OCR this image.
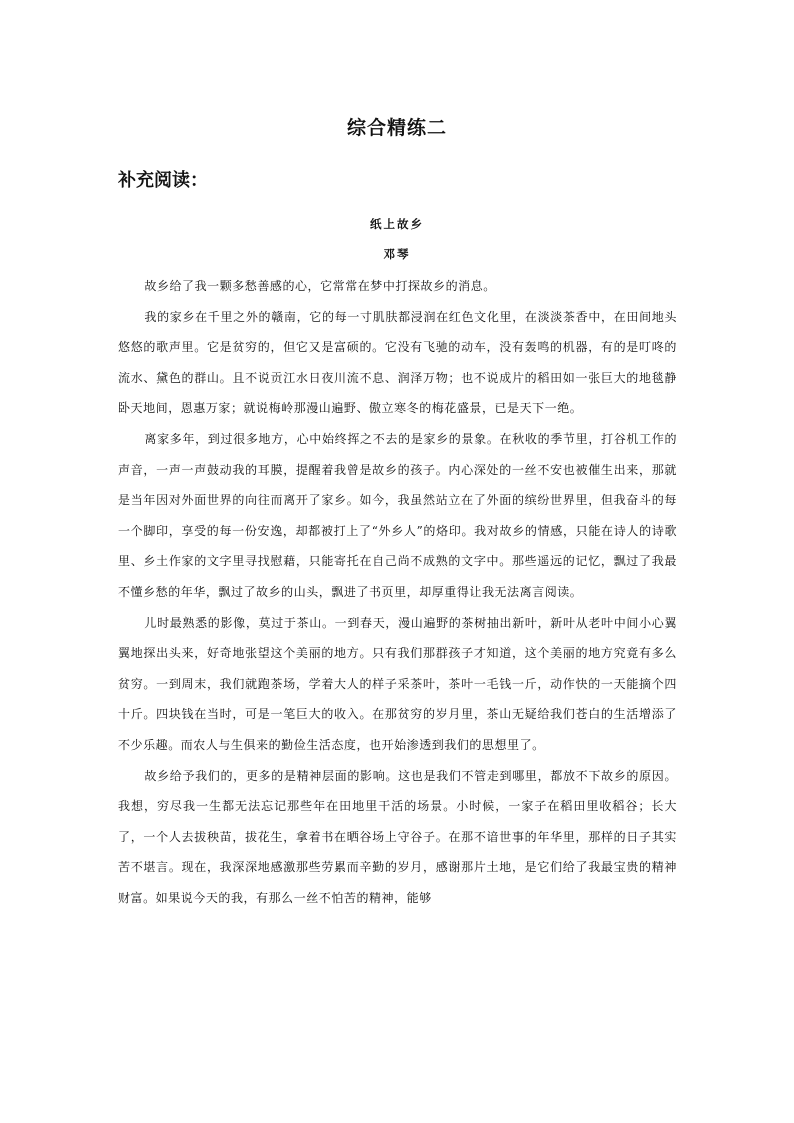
综合精练二
补充阅读：
纸上故乡
邓琴

故乡给了我一颗多愁善感的心，它常常在梦中打探故乡的消息。

我的家乡在千里之外的赣南，它的每一寸肌肤都浸润在红色文化里，在淡淡茶香中，在田间地头悠悠的歌声里。它是贫穷的，但它又是富硕的。它没有飞驰的动车，没有轰鸣的机器，有的是叮咚的流水、黛色的群山。且不说贡江水日夜川流不息、润泽万物；也不说成片的稻田如一张巨大的地毯静卧天地间，恩惠万家；就说梅岭那漫山遍野、傲立寒冬的梅花盛景，已是天下一绝。

离家多年，到过很多地方，心中始终挥之不去的是家乡的景象。在秋收的季节里，打谷机工作的声音，一声一声鼓动我的耳膜，提醒着我曾是故乡的孩子。内心深处的一丝不安也被催生出来，那就是当年因对外面世界的向往而离开了家乡。如今，我虽然站立在了外面的缤纷世界里，但我奋斗的每一个脚印，享受的每一份安逸，却都被打上了“外乡人”的烙印。我对故乡的情感，只能在诗人的诗歌里、乡土作家的文字里寻找慰藉，只能寄托在自己尚不成熟的文字中。那些遥远的记忆，飘过了我最不懂乡愁的年华，飘过了故乡的山头，飘进了书页里，却厚重得让我无法离言阅读。

儿时最熟悉的影像，莫过于茶山。一到春天，漫山遍野的茶树抽出新叶，新叶从老叶中间小心翼翼地探出头来，好奇地张望这个美丽的地方。只有我们那群孩子才知道，这个美丽的地方究竟有多么贫穷。一到周末，我们就跑茶场，学着大人的样子采茶叶，茶叶一毛钱一斤，动作快的一天能摘个四十斤。四块钱在当时，可是一笔巨大的收入。在那贫穷的岁月里，茶山无疑给我们苍白的生活增添了不少乐趣。而农人与生俱来的勤俭生活态度，也开始渗透到我们的思想里了。

故乡给予我们的，更多的是精神层面的影响。这也是我们不管走到哪里，都放不下故乡的原因。我想，穷尽我一生都无法忘记那些年在田地里干活的场景。小时候，一家子在稻田里收稻谷；长大了，一个人去拔秧苗，拔花生，拿着书在晒谷场上守谷子。在那不谙世事的年华里，那样的日子其实苦不堪言。现在，我深深地感激那些劳累而辛勤的岁月，感谢那片土地，是它们给了我最宝贵的精神财富。如果说今天的我，有那么一丝不怕苦的精神，能够
